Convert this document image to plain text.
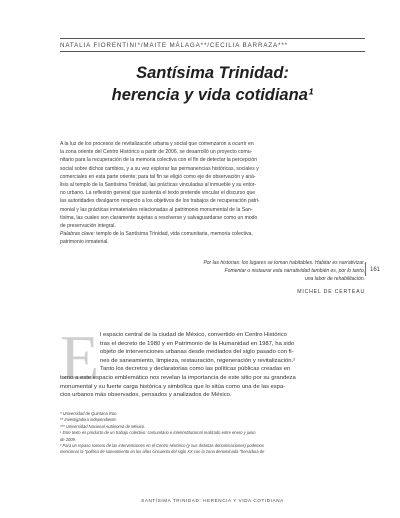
NATALIA FIORENTINI*/MAITE MÁLAGA**/CECILIA BARRAZA***
Santísima Trinidad:
herencia y vida cotidiana¹

A la luz de los procesos de revitalización urbana y social que comenzaron a ocurrir en

la zona oriente del Centro Histórico a partir de 2006, se desarrolló un proyecto comu-

nitario para la recuperación de la memoria colectiva con el fin de detectar la percepción

social sobre dichos cambios, y a su vez explorar las permanencias históricas, sociales y

comerciales en esta parte oriente; para tal fin se eligió como eje de observación y aná-

lisis al templo de la Santísima Trinidad, las prácticas vinculadas al inmueble y su entor-

no urbano. La reflexión general que sustenta el texto pretende vincular el discurso que

las autoridades divulgaron respecto a los objetivos de los trabajos de recuperación patri-

monial y las prácticas inmateriales relacionadas al patrimonio monumental de la San-

tísima, las cuales son claramente sujetas a resolverse y salvaguardarse como un modo

de preservación integral.

Palabras clave: templo de la Santísima Trinidad, vida comunitaria, memoria colectiva,

patrimonio inmaterial.

Por las historias: los lugares se toman habitables. Habitar es narrativizar.
Fomentar o restaurar esta narratividad también es, por lo tanto,
una labor de rehabilitación.
MICHEL DE CERTEAU
161
E l espacio central de la ciudad de México, convertido en Centro Histórico
tras el decreto de 1980 y en Patrimonio de la Humanidad en 1987, ha sido
objeto de intervenciones urbanas desde mediados del siglo pasado con fi-
nes de saneamiento, limpieza, restauración, regeneración y revitalización.²
Tanto los decretos y declaratorias como las políticas públicas creadas en
torno a este espacio emblemático nos revelan la importancia de este sitio por su grandeza
monumental y su fuerte carga histórica y simbólica que lo sitúa como una de las espa-
cios urbanos más observados, pensados y analizados de México.
* Universidad de Quintana Roo.
** Investigadora independiente.
*** Universidad Nacional Autónoma de México.
¹ Este texto es producto de un trabajo colectivo: comunitario e interinstitucional realizado entre enero y junio
de 2009.
² Para un repaso somero de las intervenciones en el Centro Histórico (y sus distintas denominaciones) podemos
mencionar la “política de saneamiento en los años cincuenta del siglo XX con la zona denominada “herradura de
SANTÍSIMA TRINIDAD: HERENCIA Y VIDA COTIDIANA
